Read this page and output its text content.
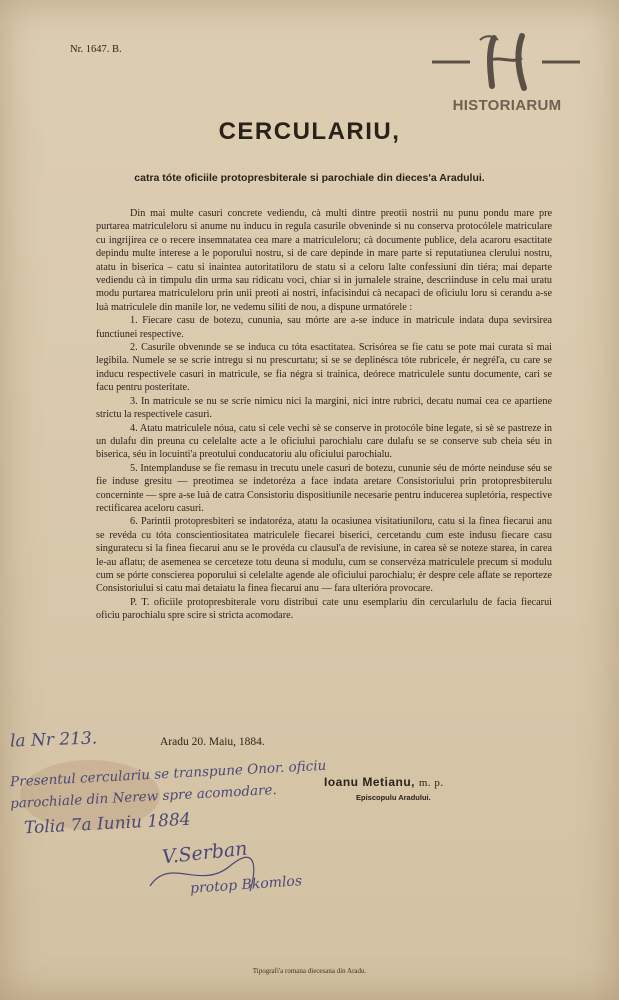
Nr. 1647. B.
HISTORIARUM
CERCULARIU,
catra tóte oficiile protopresbiterale si parochiale din dieces'a Aradului.

Din mai multe casuri concrete vediendu, cà multi dintre preotii nostrii nu punu pondu mare pre purtarea matriculeloru si anume nu inducu in regula casurile obveninde si nu conserva protocólele matriculare cu ingrijirea ce o recere insemnatatea cea mare a matriculeloru; cà documente publice, dela acaroru esactitate depindu multe interese a le poporului nostru, si de care depinde in mare parte si reputatiunea clerului nostru, atatu in biserica – catu si inaintea autoritatiloru de statu si a celoru lalte confessiuni din tiéra; mai departe vediendu cà in timpulu din urma sau ridicatu voci, chiar si in jurnalele straine, descriinduse in celu mai uratu modu purtarea matriculeloru prin unii preoti ai nostri, infacisindui cà necapaci de oficiulu loru si cerandu a-se luà matriculele din manile lor, ne vedemu siliti de nou, a dispune urmatórele :

1. Fiecare casu de botezu, cununia, sau mórte are a-se induce in matricule indata dupa sevirsirea functiunei respective.

2. Casurile obvenınde se se induca cu tóta esactitatea. Scrisórea se fie catu se pote mai curata si mai legibila. Numele se se scrie intregu si nu prescurtatu; si se se deplinésca tóte rubricele, ér negréľa, cu care se inducu respectivele casuri in matricule, se fia négra si trainica, deórece matriculele suntu documente, cari se facu pentru posteritate.

3. In matricule se nu se scrie nimicu nici la margini, nici intre rubrici, decatu numai cea ce apartiene strictu la respectivele casuri.

4. Atatu matriculele nóua, catu si cele vechi sè se conserve in protocóle bine legate, si sè se pastreze in un dulafu din preuna cu celelalte acte a le oficiului parochialu care dulafu se se conserve sub cheia séu in biserica, séu in locuinti'a preotului conducatoriu alu oficiului parochialu.

5. Intemplanduse se fie remasu in trecutu unele casuri de botezu, cununie séu de mórte neinduse séu se fie induse gresitu — preotimea se indetoréza a face indata aretare Consistoriului prin protopresbiterulu concerninte — spre a-se luà de catra Consistoriu dispositiunile necesarie pentru inducerea supletória, respective rectificarea aceloru casuri.

6. Parintii protopresbiteri se indatoréza, atatu la ocasiunea visitatiuniloru, catu si la finea fiecarui anu se revéda cu tóta conscientiositatea matriculele fiecarei biserici, cercetandu cum este indusu fiecare casu singuratecu si la finea fiecarui anu se le provéda cu clausul'a de revisiune, in carea sè se noteze starea, in carea le-au aflatu; de asemenea se cerceteze totu deuna si modulu, cum se conservéza matriculele precum si modulu cum se pórte conscierea poporului si celelalte agende ale oficiului parochialu; ér despre cele aflate se reporteze Consistoriului si catu mai detaiatu la finea fiecarui anu — fara ulterióra provocare.

P. T. oficiile protopresbiterale voru distribui cate unu esemplariu din cercularlulu de facia fiecarui oficiu parochialu spre scire si stricta acomodare.

Aradu 20. Maiu, 1884.
Ioanu Metianu, m. p.
Episcopulu Aradului.
la Nr 213.
Presentul cerculariu se transpune Onor. oficiu
parochiale din Nerew spre acomodare.
Tolia 7a Iuniu 1884
V.Serban
protop Bkomlos
Tipografi'a romana diecesana din Aradu.
